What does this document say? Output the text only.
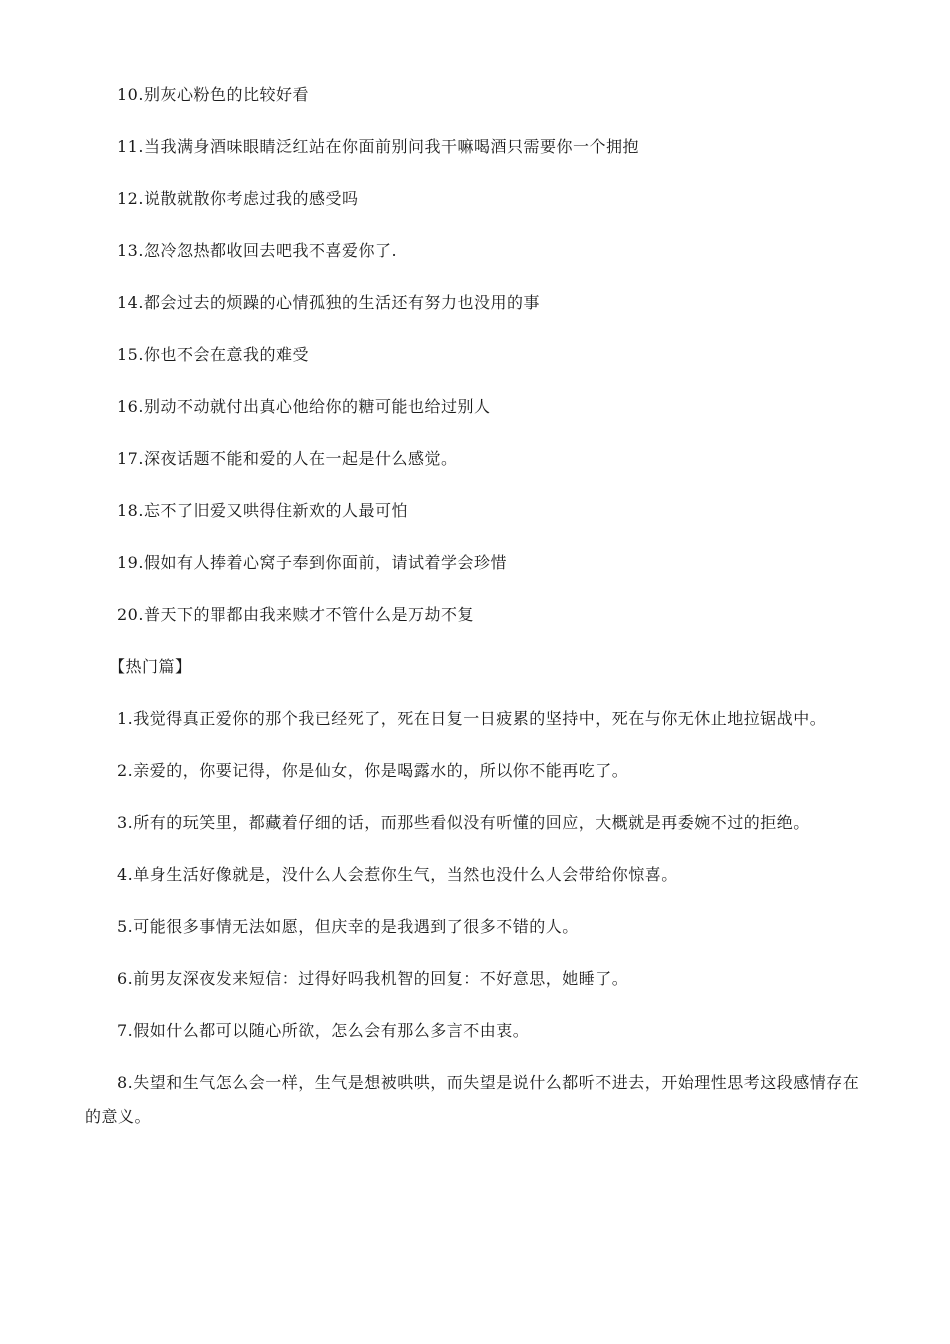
10.别灰心粉色的比较好看

11.当我满身酒味眼睛泛红站在你面前别问我干嘛喝酒只需要你一个拥抱

12.说散就散你考虑过我的感受吗

13.忽冷忽热都收回去吧我不喜爱你了.

14.都会过去的烦躁的心情孤独的生活还有努力也没用的事

15.你也不会在意我的难受

16.别动不动就付出真心他给你的糖可能也给过别人

17.深夜话题不能和爱的人在一起是什么感觉。

18.忘不了旧爱又哄得住新欢的人最可怕

19.假如有人捧着心窝子奉到你面前，请试着学会珍惜

20.普天下的罪都由我来赎才不管什么是万劫不复

【热门篇】

1.我觉得真正爱你的那个我已经死了，死在日复一日疲累的坚持中，死在与你无休止地拉锯战中。

2.亲爱的，你要记得，你是仙女，你是喝露水的，所以你不能再吃了。

3.所有的玩笑里，都藏着仔细的话，而那些看似没有听懂的回应，大概就是再委婉不过的拒绝。

4.单身生活好像就是，没什么人会惹你生气，当然也没什么人会带给你惊喜。

5.可能很多事情无法如愿，但庆幸的是我遇到了很多不错的人。

6.前男友深夜发来短信：过得好吗我机智的回复：不好意思，她睡了。

7.假如什么都可以随心所欲，怎么会有那么多言不由衷。

8.失望和生气怎么会一样，生气是想被哄哄，而失望是说什么都听不进去，开始理性思考这段感情存在的意义。
